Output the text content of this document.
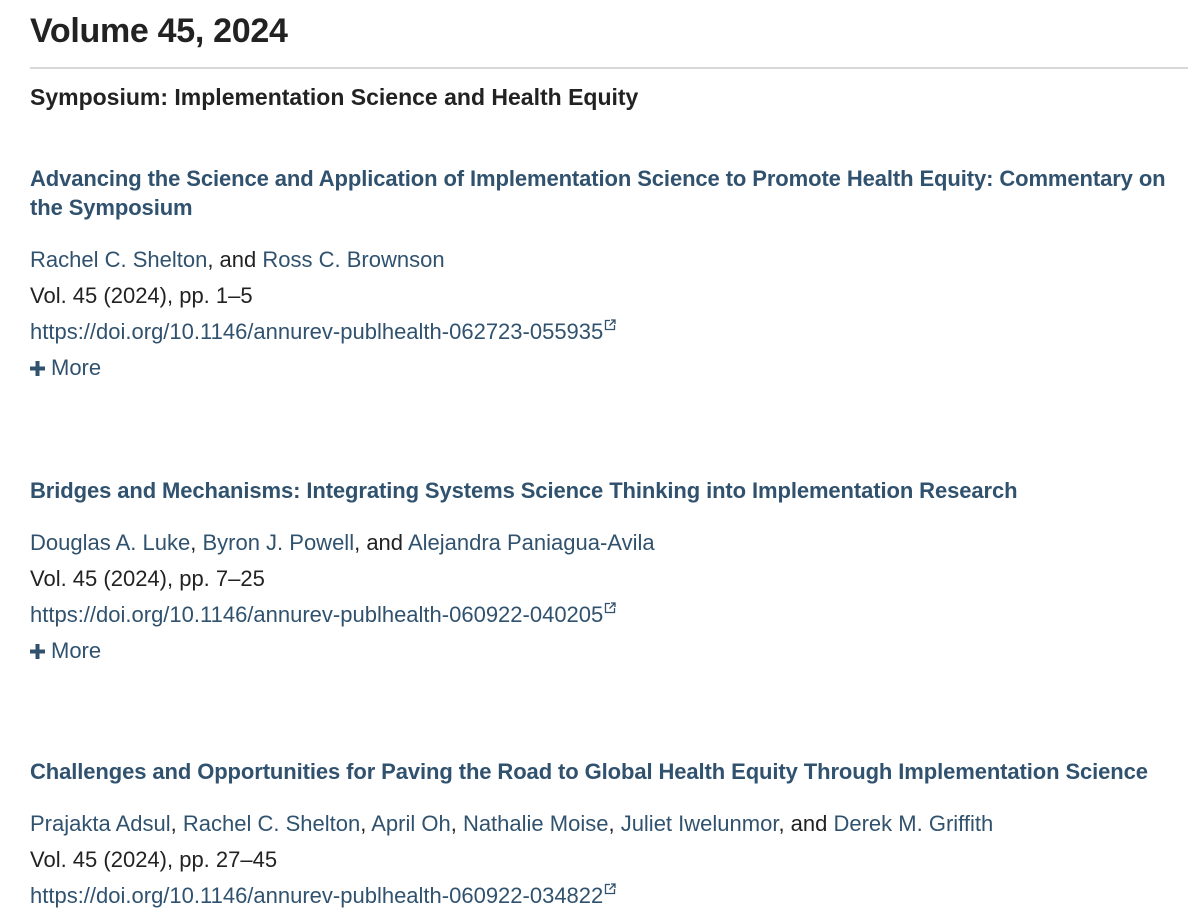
Volume 45, 2024
Symposium: Implementation Science and Health Equity
Advancing the Science and Application of Implementation Science to Promote Health Equity: Commentary on the Symposium
Rachel C. Shelton, and Ross C. Brownson
Vol. 45 (2024), pp. 1–5
https://doi.org/10.1146/annurev-publhealth-062723-055935
More
Bridges and Mechanisms: Integrating Systems Science Thinking into Implementation Research
Douglas A. Luke, Byron J. Powell, and Alejandra Paniagua-Avila
Vol. 45 (2024), pp. 7–25
https://doi.org/10.1146/annurev-publhealth-060922-040205
More
Challenges and Opportunities for Paving the Road to Global Health Equity Through Implementation Science
Prajakta Adsul, Rachel C. Shelton, April Oh, Nathalie Moise, Juliet Iwelunmor, and Derek M. Griffith
Vol. 45 (2024), pp. 27–45
https://doi.org/10.1146/annurev-publhealth-060922-034822
